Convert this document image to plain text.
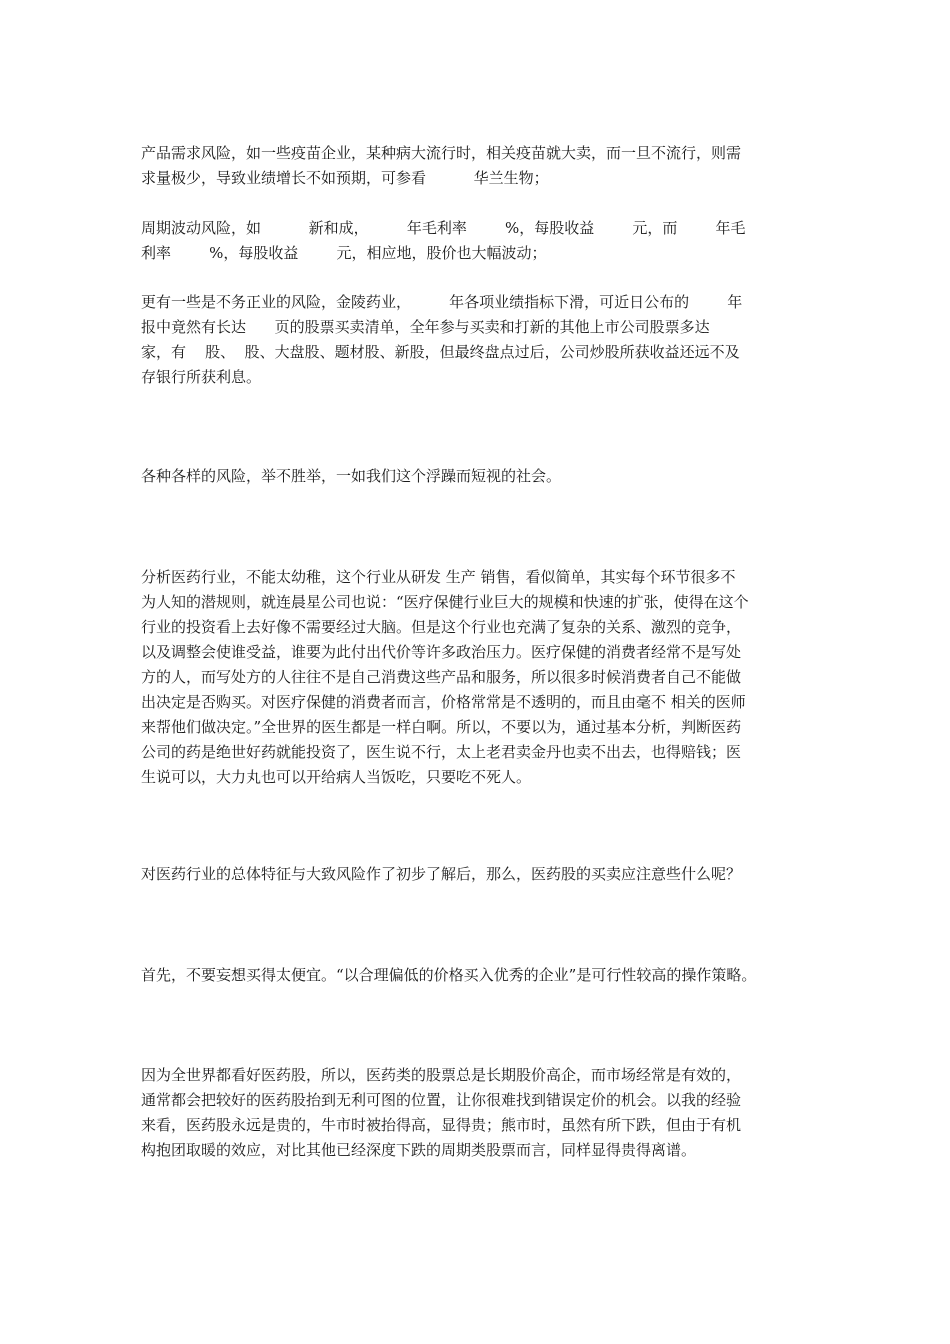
产品需求风险，如一些疫苗企业，某种病大流行时，相关疫苗就大卖，而一旦不流行，则需
求量极少，导致业绩增长不如预期，可参看          华兰生物；
周期波动风险，如          新和成，        年毛利率        %，每股收益        元，而        年毛
利率        %，每股收益        元，相应地，股价也大幅波动；
更有一些是不务正业的风险，金陵药业，        年各项业绩指标下滑，可近日公布的        年
报中竟然有长达      页的股票买卖清单，全年参与买卖和打新的其他上市公司股票多达
家，有    股、  股、大盘股、题材股、新股，但最终盘点过后，公司炒股所获收益还远不及
存银行所获利息。
各种各样的风险，举不胜举，一如我们这个浮躁而短视的社会。
分析医药行业，不能太幼稚，这个行业从研发 生产 销售，看似简单，其实每个环节很多不
为人知的潜规则，就连晨星公司也说：“医疗保健行业巨大的规模和快速的扩张，使得在这个
行业的投资看上去好像不需要经过大脑。但是这个行业也充满了复杂的关系、激烈的竞争，
以及调整会使谁受益，谁要为此付出代价等许多政治压力。医疗保健的消费者经常不是写处
方的人，而写处方的人往往不是自己消费这些产品和服务，所以很多时候消费者自己不能做
出决定是否购买。对医疗保健的消费者而言，价格常常是不透明的，而且由毫不 相关的医师
来帮他们做决定。”全世界的医生都是一样白啊。所以，不要以为，通过基本分析，判断医药
公司的药是绝世好药就能投资了，医生说不行，太上老君卖金丹也卖不出去，也得赔钱；医
生说可以，大力丸也可以开给病人当饭吃，只要吃不死人。
对医药行业的总体特征与大致风险作了初步了解后，那么，医药股的买卖应注意些什么呢？
首先，不要妄想买得太便宜。“以合理偏低的价格买入优秀的企业”是可行性较高的操作策略。
因为全世界都看好医药股，所以，医药类的股票总是长期股价高企，而市场经常是有效的，
通常都会把较好的医药股抬到无利可图的位置，让你很难找到错误定价的机会。以我的经验
来看，医药股永远是贵的，牛市时被抬得高，显得贵；熊市时，虽然有所下跌，但由于有机
构抱团取暖的效应，对比其他已经深度下跌的周期类股票而言，同样显得贵得离谱。
